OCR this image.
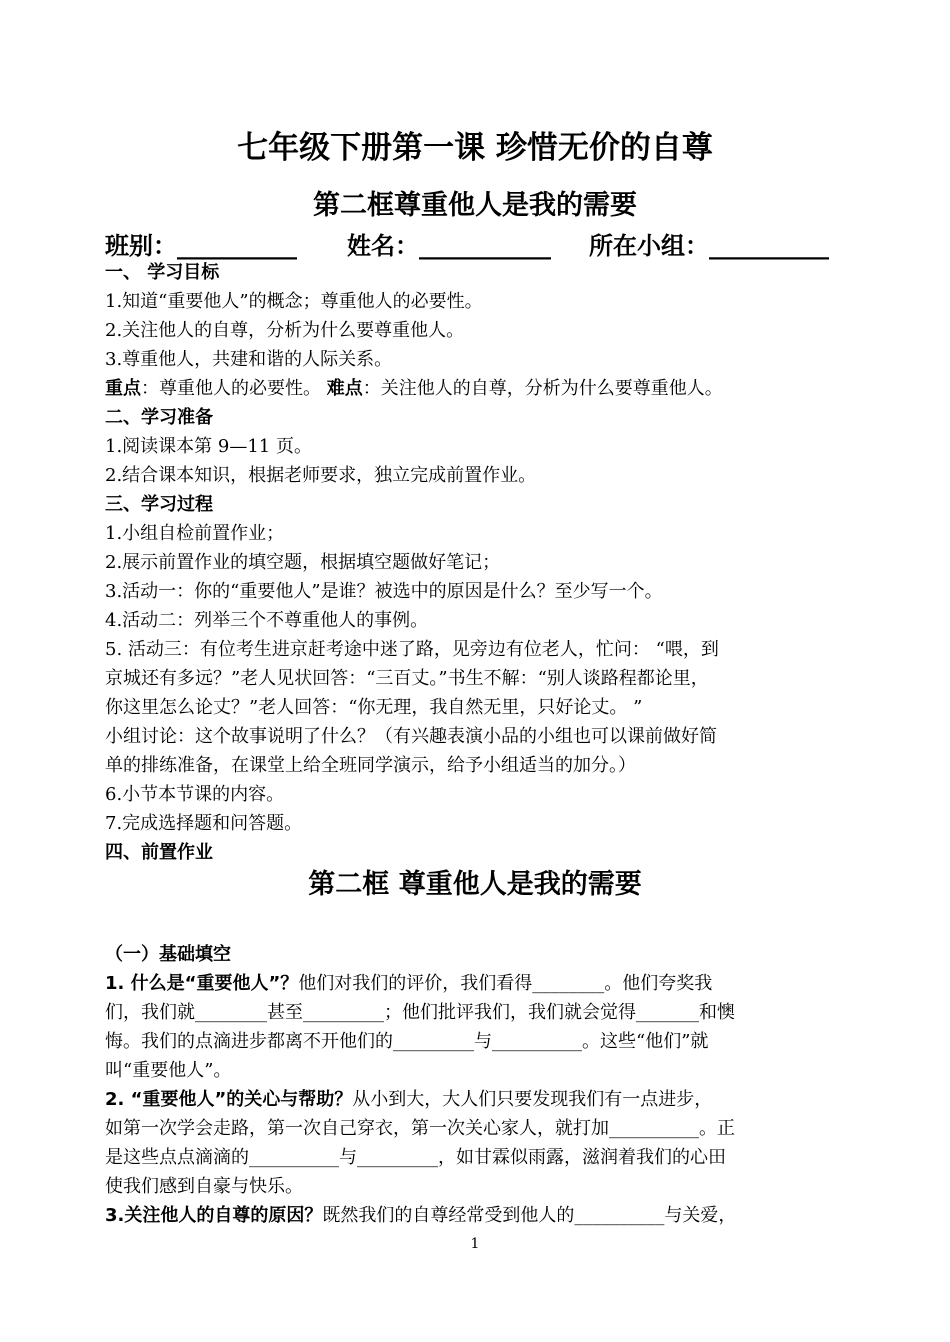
七年级下册第一课 珍惜无价的自尊
第二框尊重他人是我的需要
班别：__________ 姓名：___________ 所在小组：__________
一、 学习目标
1.知道“重要他人”的概念；尊重他人的必要性。
2.关注他人的自尊，分析为什么要尊重他人。
3.尊重他人，共建和谐的人际关系。
重点：尊重他人的必要性。 难点：关注他人的自尊，分析为什么要尊重他人。
二、学习准备
1.阅读课本第 9—11 页。
2.结合课本知识，根据老师要求，独立完成前置作业。
三、学习过程
1.小组自检前置作业；
2.展示前置作业的填空题，根据填空题做好笔记；
3.活动一：你的“重要他人”是谁？被选中的原因是什么？至少写一个。
4.活动二：列举三个不尊重他人的事例。
5. 活动三：有位考生进京赶考途中迷了路，见旁边有位老人，忙问： “喂，到
京城还有多远？”老人见状回答：“三百丈。”书生不解：“别人谈路程都论里，
你这里怎么论丈？”老人回答：“你无理，我自然无里，只好论丈。 ”
小组讨论：这个故事说明了什么？（有兴趣表演小品的小组也可以课前做好简
单的排练准备，在课堂上给全班同学演示，给予小组适当的加分。）
6.小节本节课的内容。
7.完成选择题和问答题。
四、前置作业
第二框 尊重他人是我的需要
（一）基础填空
1. 什么是“重要他人”？他们对我们的评价，我们看得________。他们夸奖我
们，我们就________甚至_________；他们批评我们，我们就会觉得_______和懊
悔。我们的点滴进步都离不开他们的_________与__________。这些“他们”就
叫“重要他人”。
2. “重要他人”的关心与帮助？从小到大，大人们只要发现我们有一点进步，
如第一次学会走路，第一次自己穿衣，第一次关心家人，就打加__________。正
是这些点点滴滴的__________与_________，如甘霖似雨露，滋润着我们的心田
使我们感到自豪与快乐。
3.关注他人的自尊的原因？既然我们的自尊经常受到他人的__________与关爱，
1
